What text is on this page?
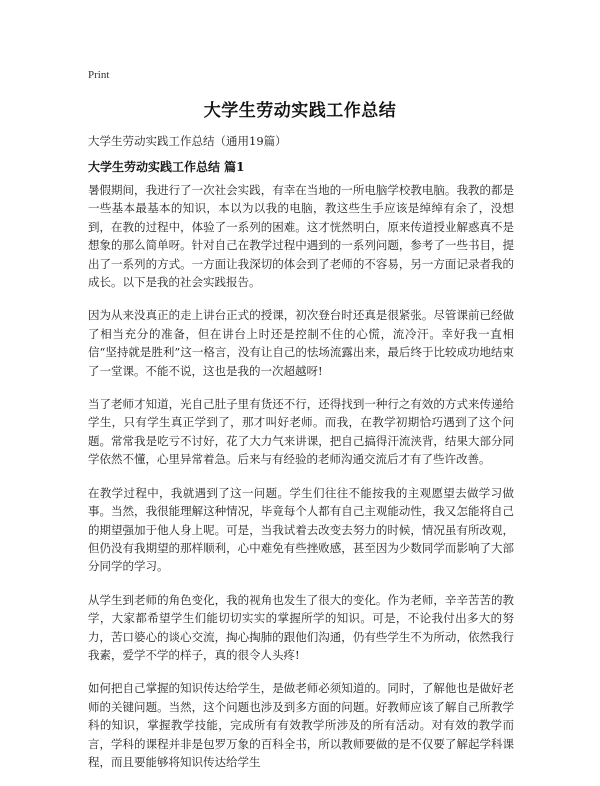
Print
大学生劳动实践工作总结

大学生劳动实践工作总结（通用19篇）

大学生劳动实践工作总结 篇1

暑假期间，我进行了一次社会实践，有幸在当地的一所电脑学校教电脑。我教的都是一些基本最基本的知识，本以为以我的电脑，教这些生手应该是绰绰有余了，没想到，在教的过程中，体验了一系列的困难。这才恍然明白，原来传道授业解惑真不是想象的那么简单呀。针对自己在教学过程中遇到的一系列问题，参考了一些书目，提出了一系列的方式。一方面让我深切的体会到了老师的不容易，另一方面记录者我的成长。以下是我的社会实践报告。

因为从来没真正的走上讲台正式的授课，初次登台时还真是很紧张。尽管课前已经做了相当充分的准备，但在讲台上时还是控制不住的心慌，流冷汗。幸好我一直相信“坚持就是胜利”这一格言，没有让自己的怯场流露出来，最后终于比较成功地结束了一堂课。不能不说，这也是我的一次超越呀!

当了老师才知道，光自己肚子里有货还不行，还得找到一种行之有效的方式来传递给学生，只有学生真正学到了，那才叫好老师。而我，在教学初期恰巧遇到了这个问题。常常我是吃亏不讨好，花了大力气来讲课，把自己搞得汗流浃背，结果大部分同学依然不懂，心里异常着急。后来与有经验的老师沟通交流后才有了些许改善。

在教学过程中，我就遇到了这一问题。学生们往往不能按我的主观愿望去做学习做事。当然，我很能理解这种情况，毕竟每个人都有自己主观能动性，我又怎能将自己的期望强加于他人身上呢。可是，当我试着去改变去努力的时候，情况虽有所改观，但仍没有我期望的那样顺利，心中难免有些挫败感，甚至因为少数同学而影响了大部分同学的学习。

从学生到老师的角色变化，我的视角也发生了很大的变化。作为老师，辛辛苦苦的教学，大家都希望学生们能切切实实的掌握所学的知识。可是，不论我付出多大的努力，苦口婆心的谈心交流，掏心掏肺的跟他们沟通，仍有些学生不为所动，依然我行我素，爱学不学的样子，真的很令人头疼!

如何把自己掌握的知识传达给学生，是做老师必须知道的。同时，了解他也是做好老师的关键问题。当然，这个问题也涉及到多方面的问题。好教师应该了解自己所教学科的知识，掌握教学技能，完成所有有效教学所涉及的所有活动。对有效的教学而言，学科的课程并非是包罗万象的百科全书，所以教师要做的是不仅要了解起学科课程，而且要能够将知识传达给学生
